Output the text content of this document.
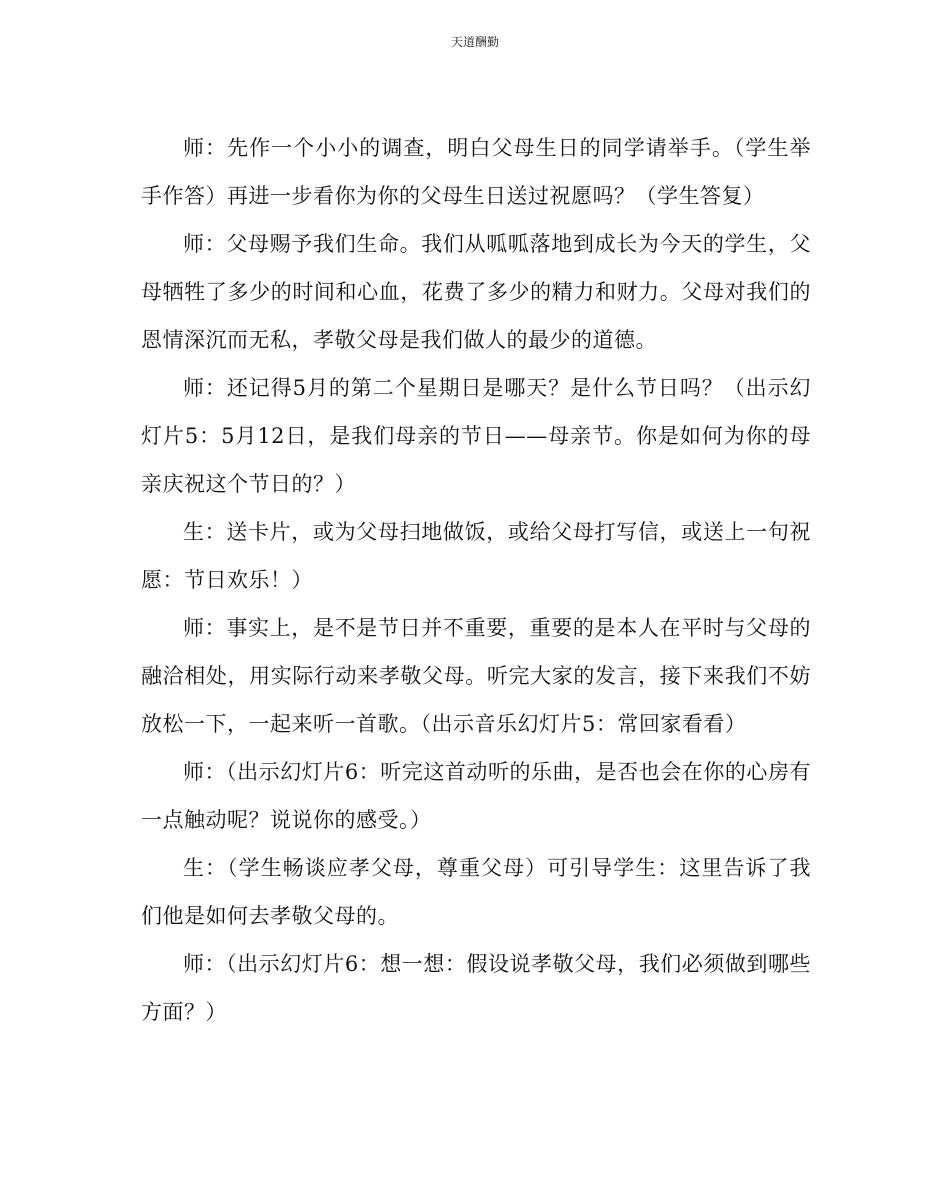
天道酬勤

师：先作一个小小的调查，明白父母生日的同学请举手。（学生举手作答）再进一步看你为你的父母生日送过祝愿吗？（学生答复）

师：父母赐予我们生命。我们从呱呱落地到成长为今天的学生，父母牺牲了多少的时间和心血，花费了多少的精力和财力。父母对我们的恩情深沉而无私，孝敬父母是我们做人的最少的道德。

师：还记得5月的第二个星期日是哪天？是什么节日吗？（出示幻灯片5：5月12日，是我们母亲的节日——母亲节。你是如何为你的母亲庆祝这个节日的？）

生：送卡片，或为父母扫地做饭，或给父母打写信，或送上一句祝愿：节日欢乐！）

师：事实上，是不是节日并不重要，重要的是本人在平时与父母的融洽相处，用实际行动来孝敬父母。听完大家的发言，接下来我们不妨放松一下，一起来听一首歌。（出示音乐幻灯片5：常回家看看）

师：（出示幻灯片6：听完这首动听的乐曲，是否也会在你的心房有一点触动呢？说说你的感受。）

生：（学生畅谈应孝父母，尊重父母）可引导学生：这里告诉了我们他是如何去孝敬父母的。

师：（出示幻灯片6：想一想：假设说孝敬父母，我们必须做到哪些方面？）
